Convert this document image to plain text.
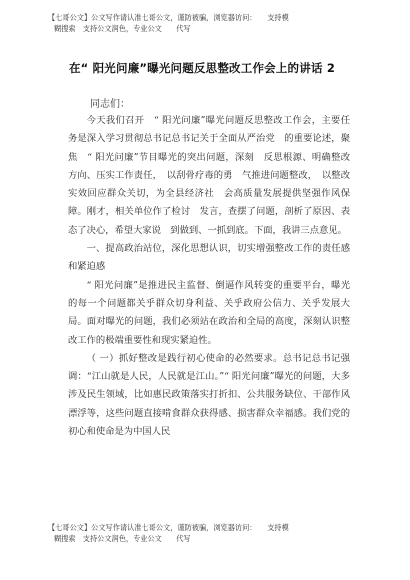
【七哥公文】公文写作请认准七哥公文，谨防被骗，浏览器访问：　　支持模
糊搜索　支持公文润色，专业公文　　代写
在“ 阳光问廉”曝光问题反思整改工作会上的讲话 2
同志们：

今天我们召开　“ 阳光问廉”曝光问题反思整改工作会，主要任务是深入学习贯彻总书记总书记关于全面从严治党　的重要论述，聚焦　“ 阳光问廉”节目曝光的突出问题，深刻　反思根源、明确整改方向、压实工作责任，　以刮骨疗毒的勇　气推进问题整改，　以整改实效回应群众关切，为全县经济社　会高质量发展提供坚强作风保障。刚才，相关单位作了检讨　发言，查摆了问题，剖析了原因、表态了决心，希望大家说　到做到、一抓到底。下面，我讲三点意见。

一、提高政治站位，深化思想认识，切实增强整改工作的责任感和紧迫感

“ 阳光问廉”是推进民主监督、倒逼作风转变的重要平台，曝光的每一个问题都关乎群众切身利益、关乎政府公信力、关乎发展大局。面对曝光的问题，我们必须站在政治和全局的高度，深刻认识整改工作的极端重要性和现实紧迫性。

（ 一）抓好整改是践行初心使命的必然要求。总书记总书记强调：“江山就是人民，人民就是江山。”“ 阳光问廉”曝光的问题，大多涉及民生领域，比如惠民政策落实打折扣、公共服务缺位、干部作风漂浮等，这些问题直接啃食群众获得感、损害群众幸福感。我们党的初心和使命是为中国人民

【七哥公文】公文写作请认准七哥公文，谨防被骗，浏览器访问：　　支持模
糊搜索　支持公文润色，专业公文　　代写
